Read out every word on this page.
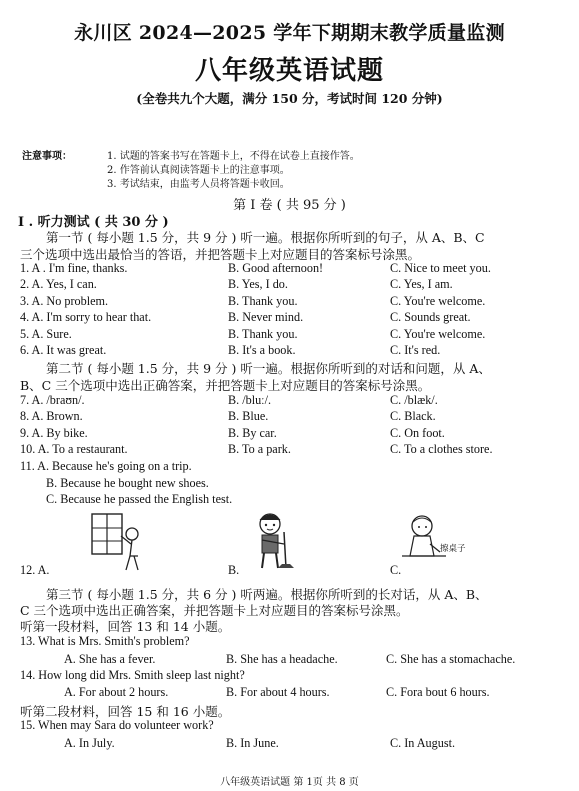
永川区 2024—2025 学年下期期末教学质量监测
八年级英语试题
(全卷共九个大题，满分 150 分，考试时间 120 分钟)
注意事项：	1. 试题的答案书写在答题卡上，不得在试卷上直接作答。
2. 作答前认真阅读答题卡上的注意事项。
3. 考试结束，由监考人员将答题卡收回。
第 I 卷 ( 共 95 分 )
I . 听力测试 ( 共 30 分 )
第一节 ( 每小题 1.5 分，共 9 分 ) 听一遍。根据你所听到的句子，从 A、B、C
三个选项中选出最恰当的答语，并把答题卡上对应题目的答案标号涂黑。
1. A . I'm fine, thanks.	B. Good afternoon!	C. Nice to meet you.
2. A. Yes, I can.	B. Yes, I do.	C. Yes, I am.
3. A. No problem.	B. Thank you.	C. You're welcome.
4. A. I'm sorry to hear that.	B. Never mind.	C. Sounds great.
5. A. Sure.	B. Thank you.	C. You're welcome.
6. A. It was great.	B. It's a book.	C. It's red.
第二节 ( 每小题 1.5 分，共 9 分 ) 听一遍。根据你所听到的对话和问题，从 A、
B、C 三个选项中选出正确答案，并把答题卡上对应题目的答案标号涂黑。
7. A. /braʊn/.	B. /bluː/.	C. /blæk/.
8. A. Brown.	B. Blue.	C. Black.
9. A. By bike.	B. By car.	C. On foot.
10. A. To a restaurant.	B. To a park.	C. To a clothes store.
11. A. Because he's going on a trip.
B. Because he bought new shoes.
C. Because he passed the English test.
12. A.	B.
擦桌子
C.
第三节 ( 每小题 1.5 分，共 6 分 ) 听两遍。根据你所听到的长对话，从 A、B、
C 三个选项中选出正确答案，并把答题卡上对应题目的答案标号涂黑。
听第一段材料，回答 13 和 14 小题。
13. What is Mrs. Smith's problem?
A. She has a fever.	B. She has a headache.	C. She has a stomachache.
14. How long did Mrs. Smith sleep last night?
A. For about 2 hours.	B. For about 4 hours.	C. Fora bout 6 hours.
听第二段材料，回答 15 和 16 小题。
15. When may Sara do volunteer work?
A. In July.	B. In June.	C. In August.
八年级英语试题 第 1页 共 8 页
